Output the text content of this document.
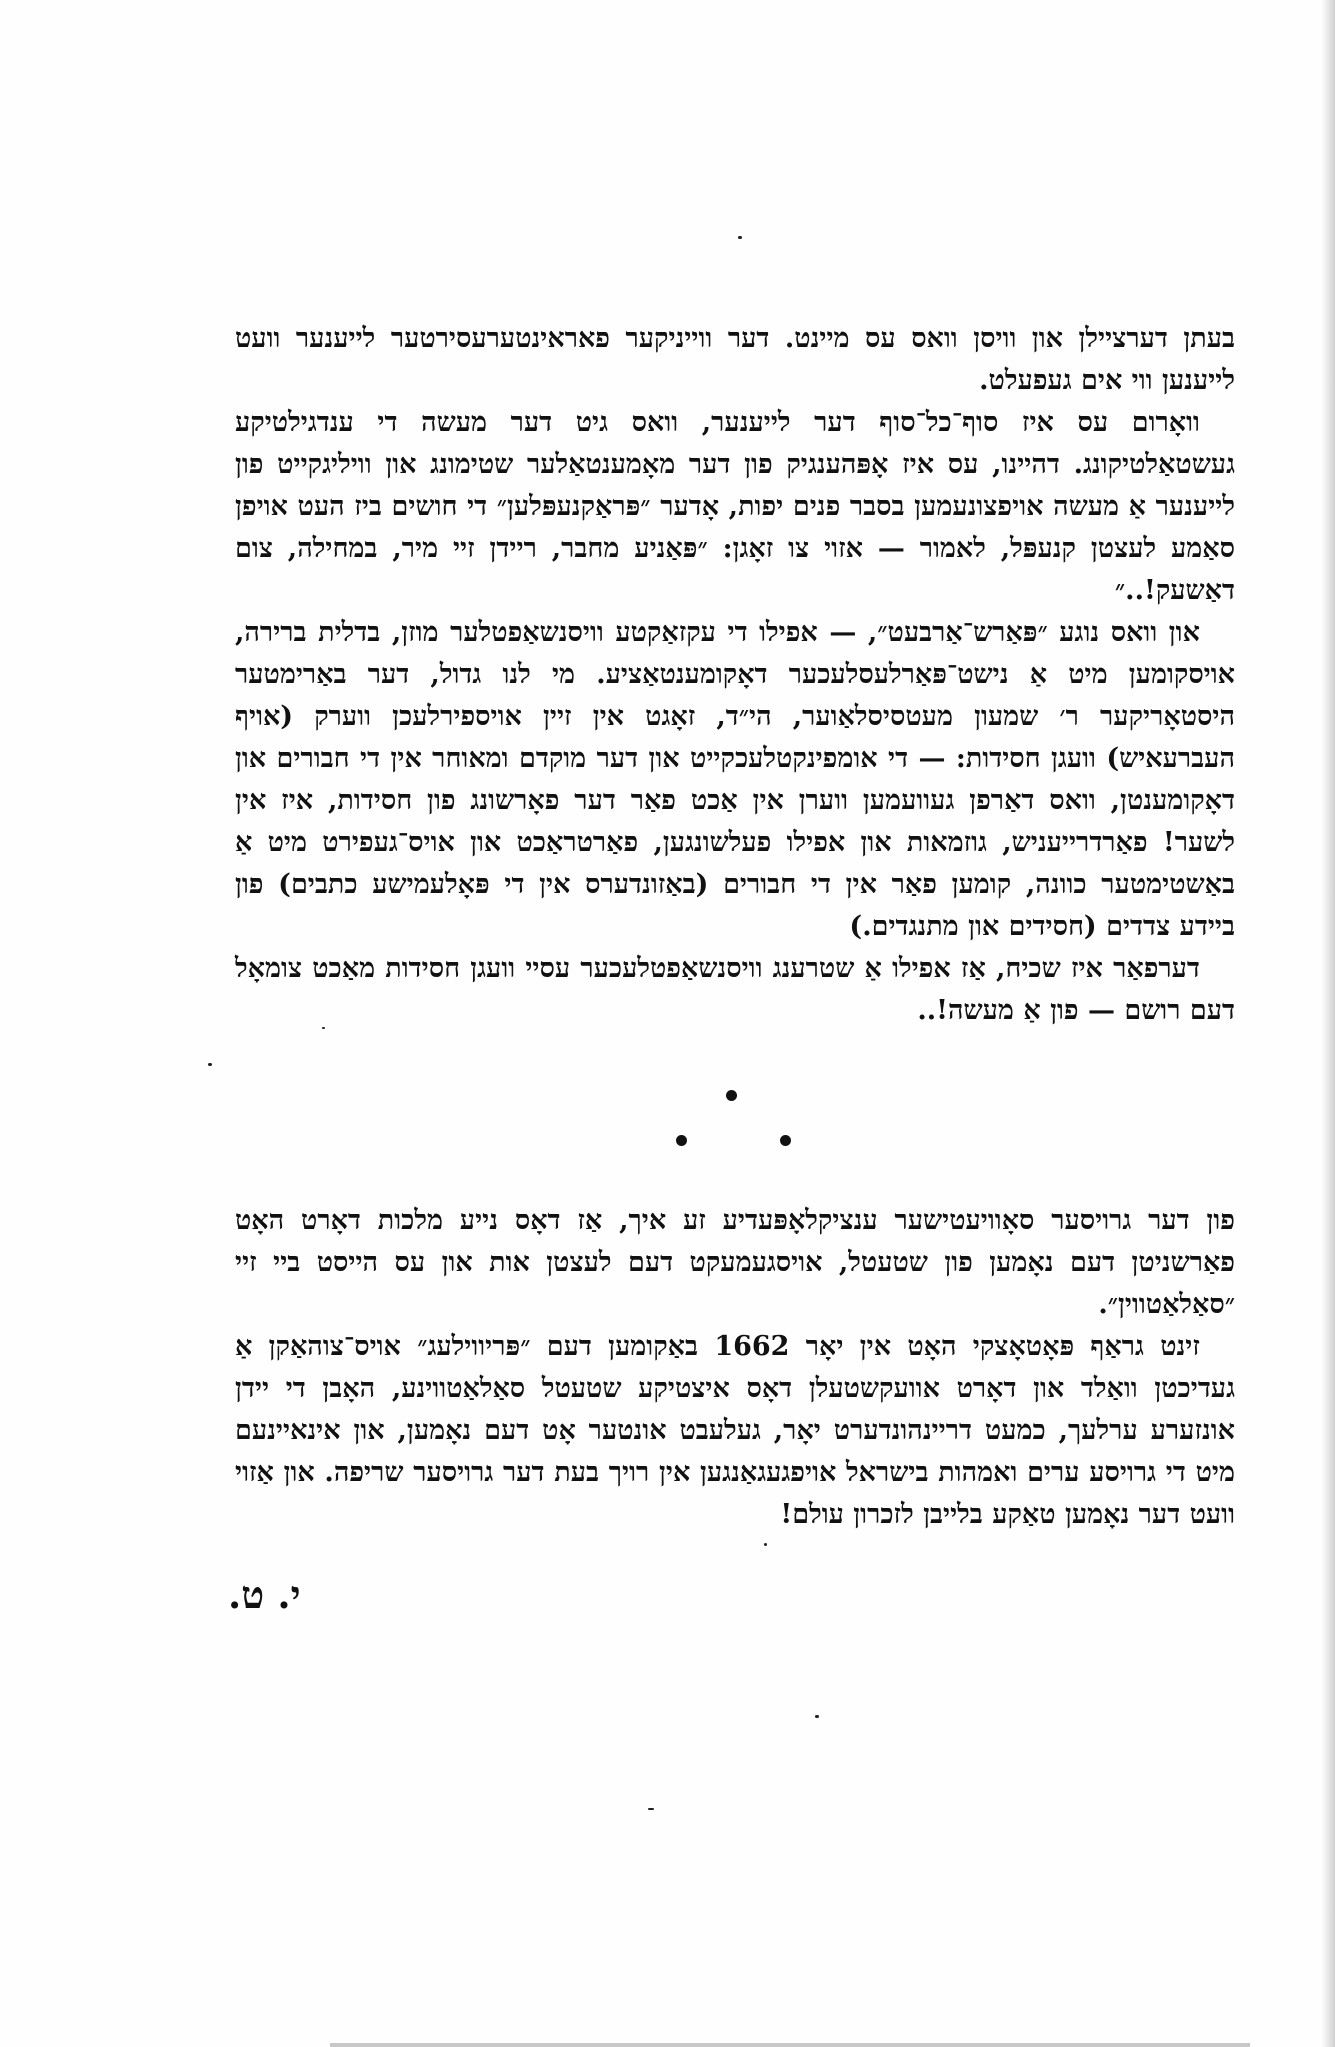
בעתן דערציילן און וויסן וואס עס מיינט. דער ווייניקער פאראינטערעסירטער לייענער וועט לייענען ווי אים געפעלט.

וואָרום עס איז סוף־כל־סוף דער לייענער, וואס גיט דער מעשה די ענדגילטיקע געשטאַלטיקונג. דהיינו, עס איז אָפּהענגיק פון דער מאָמענטאַלער שטימונג און וויליגקייט פון לייענער אַ מעשה אויפצונעמען בסבר פנים יפות, אָדער ״פּראַקנעפּלען״ די חושים ביז העט אויפן סאַמע לעצטן קנעפּל, לאמור — אזוי צו זאָגן: ״פּאַניע מחבר, ריידן זיי מיר, במחילה, צום דאַשעק!..״

און וואס נוגע ״פּאַרש־אַרבעט״, — אפילו די עקזאַקטע וויסנשאַפטלער מוזן, בדלית ברירה, אויסקומען מיט אַ נישט־פּאַרלעסלעכער דאָקומענטאַציע. מי לנו גדול, דער באַרימטער היסטאָריקער ר׳ שמעון מעטסיסלאַוער, הי״ד, זאָגט אין זיין אויספירלעכן ווערק (אויף העברעאיש) וועגן חסידות: — די אומפינקטלעכקייט און דער מוקדם ומאוחר אין די חבורים און דאָקומענטן, וואס דאַרפן געוועמען ווערן אין אַכט פאַר דער פאָרשונג פון חסידות, איז אין לשער! פאַרדרייעניש, גוזמאות און אפילו פעלשונגען, פאַרטראַכט און אויס־געפירט מיט אַ באַשטימטער כוונה, קומען פאַר אין די חבורים (באַזונדערס אין די פּאָלעמישע כתבים) פון ביידע צדדים (חסידים און מתנגדים.)

דערפאַר איז שכיח, אַז אפילו אַ שטרענג וויסנשאַפטלעכער עסיי וועגן חסידות מאַכט צומאָל דעם רושם — פון אַ מעשה!..

פון דער גרויסער סאָוויעטישער ענציקלאָפּעדיע זע איך, אַז דאָס נייע מלכות דאָרט האָט פאַרשניטן דעם נאָמען פון שטעטל, אויסגעמעקט דעם לעצטן אות און עס הייסט ביי זיי ״סאַלאַטווין״.

זינט גראַף פּאָטאָצקי האָט אין יאָר 1662 באַקומען דעם ״פּריווילעג״ אויס־צוהאַקן אַ געדיכטן וואַלד און דאָרט אוועקשטעלן דאָס איצטיקע שטעטל סאַלאַטווינע, האָבן די יידן אונזערע ערלעך, כמעט דריינהונדערט יאָר, געלעבט אונטער אָט דעם נאָמען, און אינאיינעם מיט די גרויסע ערים ואמהות בישראל אויפגעגאַנגען אין רויך בעת דער גרויסער שריפה. און אַזוי וועט דער נאָמען טאַקע בלייבן לזכרון עולם!

י. ט.
